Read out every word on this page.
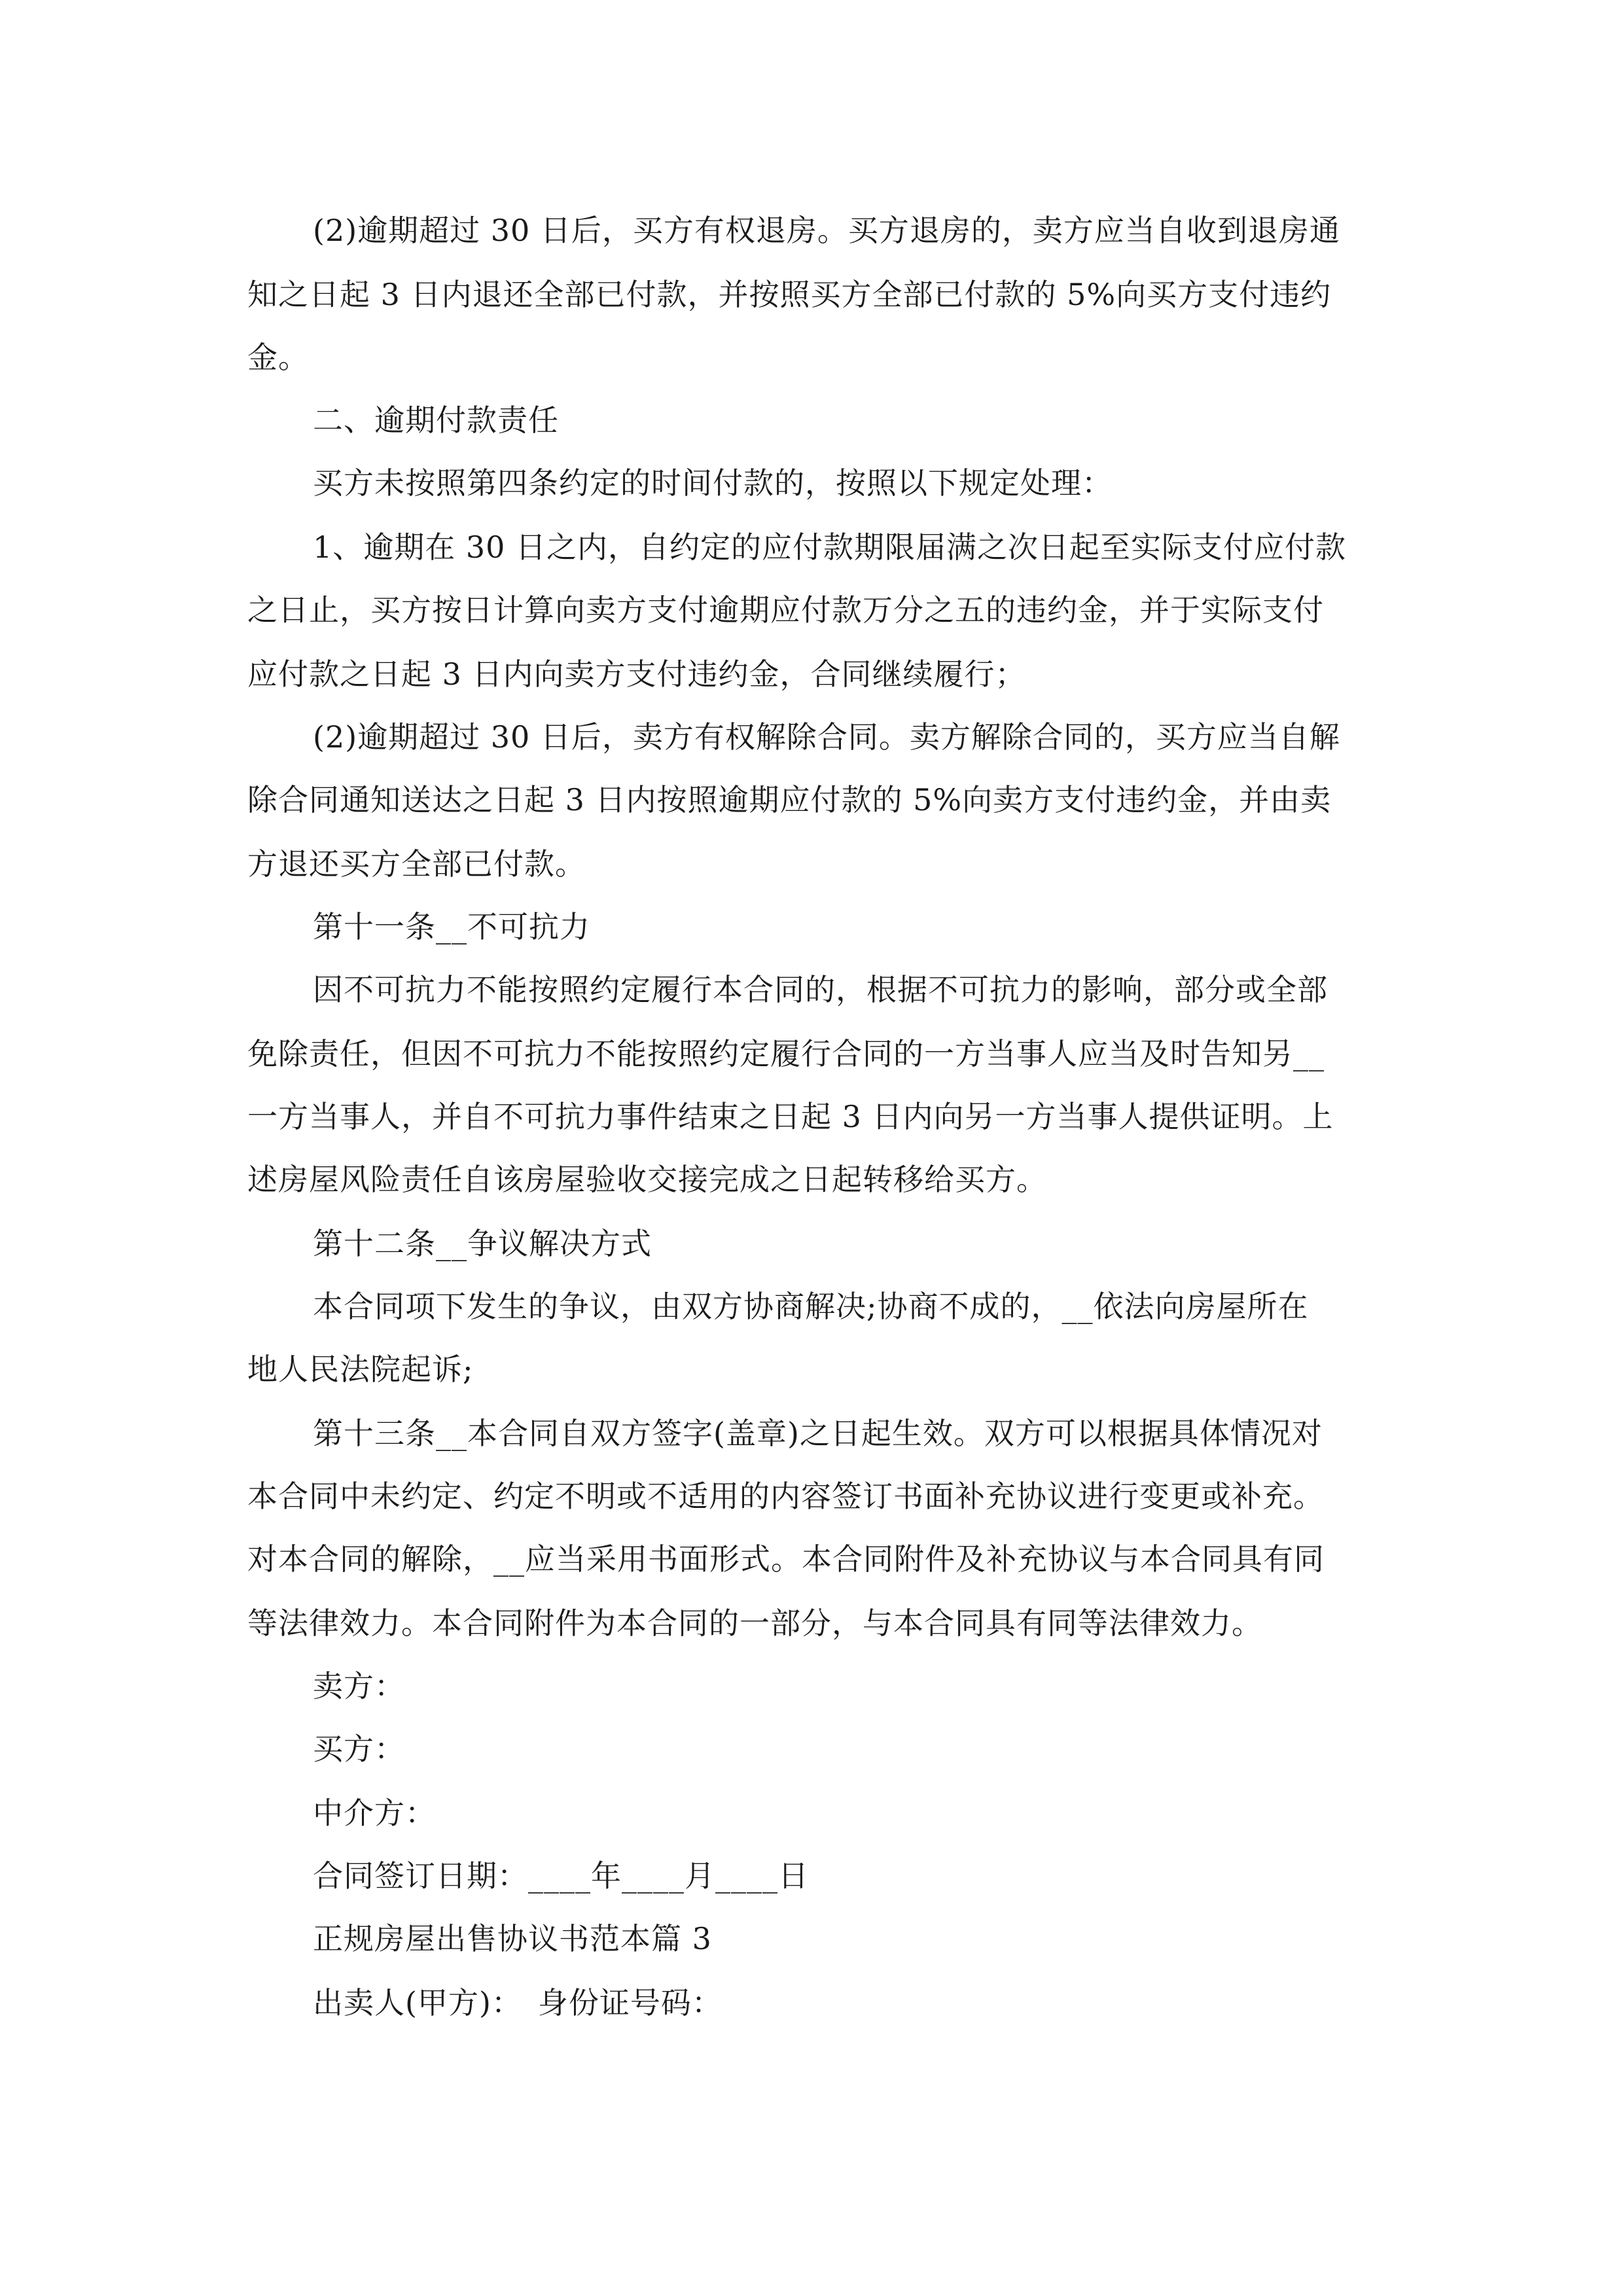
(2)逾期超过 30 日后，买方有权退房。买方退房的，卖方应当自收到退房通
知之日起 3 日内退还全部已付款，并按照买方全部已付款的 5%向买方支付违约
金。
二、逾期付款责任
买方未按照第四条约定的时间付款的，按照以下规定处理：
1、逾期在 30 日之内，自约定的应付款期限届满之次日起至实际支付应付款
之日止，买方按日计算向卖方支付逾期应付款万分之五的违约金，并于实际支付
应付款之日起 3 日内向卖方支付违约金，合同继续履行；
(2)逾期超过 30 日后，卖方有权解除合同。卖方解除合同的，买方应当自解
除合同通知送达之日起 3 日内按照逾期应付款的 5%向卖方支付违约金，并由卖
方退还买方全部已付款。
第十一条__不可抗力
因不可抗力不能按照约定履行本合同的，根据不可抗力的影响，部分或全部
免除责任，但因不可抗力不能按照约定履行合同的一方当事人应当及时告知另__
一方当事人，并自不可抗力事件结束之日起 3 日内向另一方当事人提供证明。上
述房屋风险责任自该房屋验收交接完成之日起转移给买方。
第十二条__争议解决方式
本合同项下发生的争议，由双方协商解决;协商不成的，__依法向房屋所在
地人民法院起诉;
第十三条__本合同自双方签字(盖章)之日起生效。双方可以根据具体情况对
本合同中未约定、约定不明或不适用的内容签订书面补充协议进行变更或补充。
对本合同的解除，__应当采用书面形式。本合同附件及补充协议与本合同具有同
等法律效力。本合同附件为本合同的一部分，与本合同具有同等法律效力。
卖方：
买方：
中介方：
合同签订日期：____年____月____日
正规房屋出售协议书范本篇 3
出卖人(甲方)：　身份证号码：
